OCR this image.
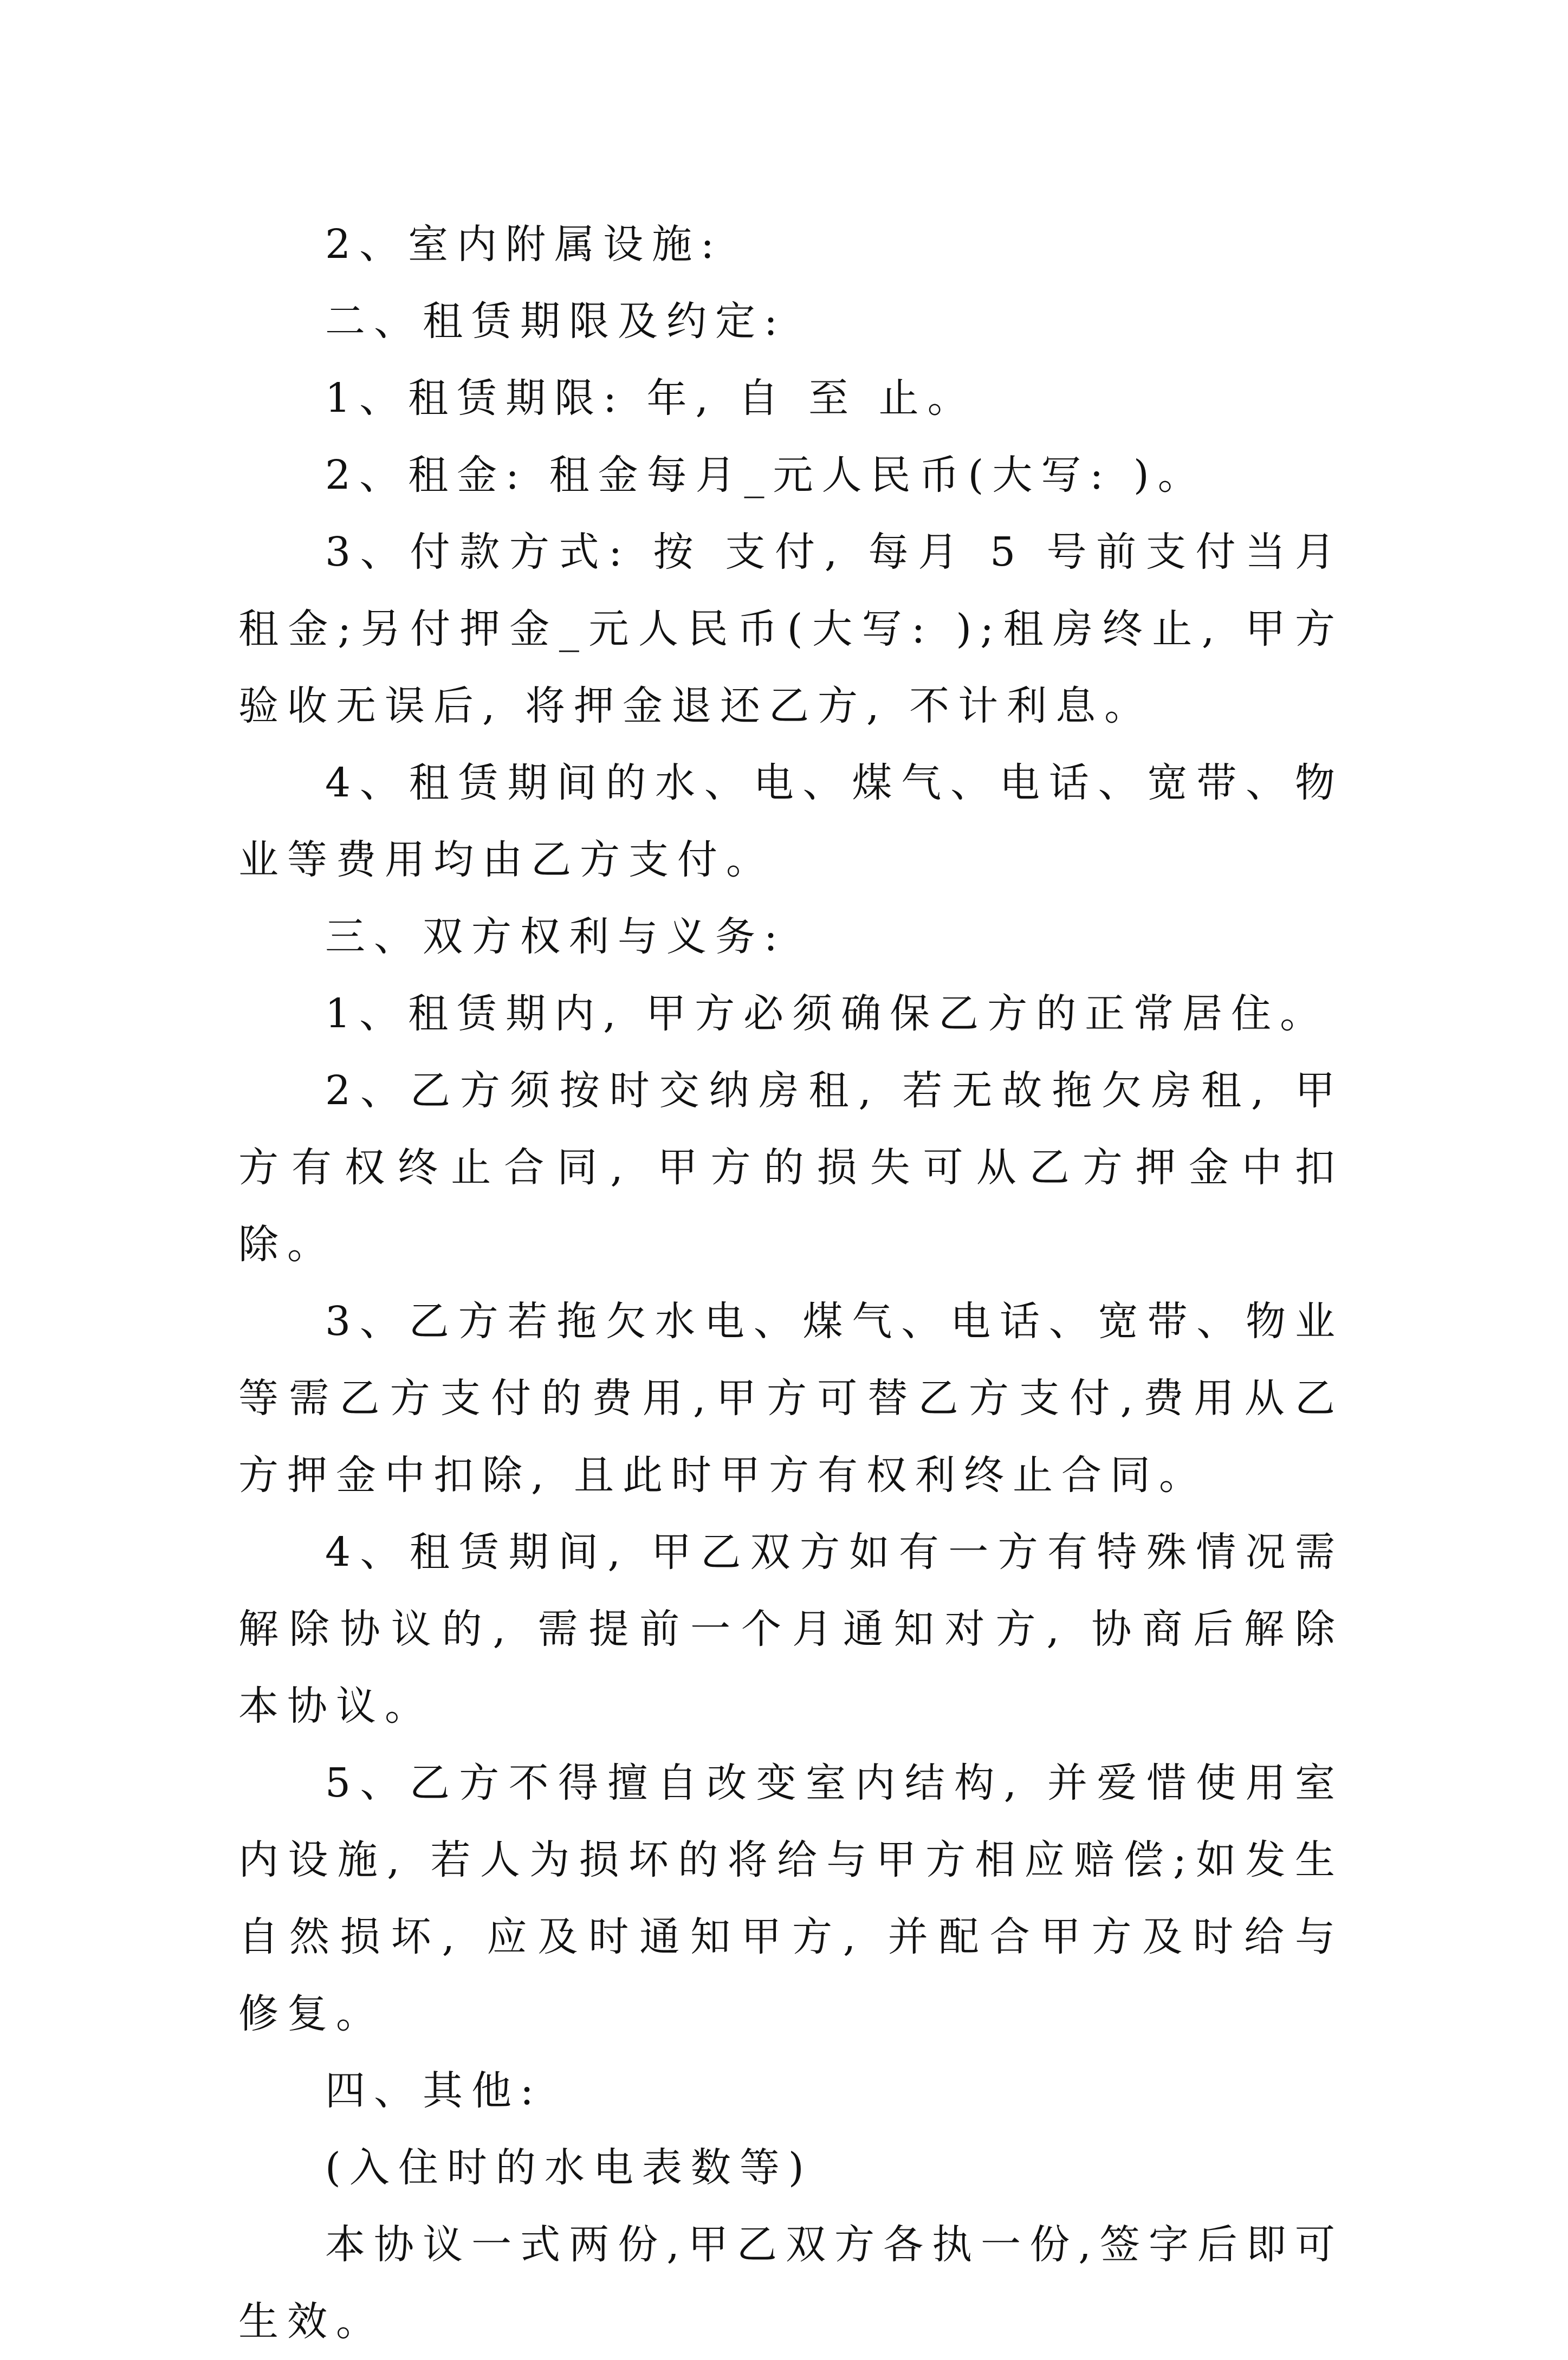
2、室内附属设施:

二、租赁期限及约定:

1、租赁期限: 年, 自 至 止。

2、租金: 租金每月_元人民币(大写: )。

3、付款方式: 按 支付, 每月 5 号前支付当月租金;另付押金_元人民币(大写: );租房终止, 甲方验收无误后, 将押金退还乙方, 不计利息。

4、租赁期间的水、电、煤气、电话、宽带、物业等费用均由乙方支付。

三、双方权利与义务:

1、租赁期内, 甲方必须确保乙方的正常居住。

2、乙方须按时交纳房租, 若无故拖欠房租, 甲方有权终止合同, 甲方的损失可从乙方押金中扣除。

3、乙方若拖欠水电、煤气、电话、宽带、物业等需乙方支付的费用,甲方可替乙方支付,费用从乙方押金中扣除, 且此时甲方有权利终止合同。

4、租赁期间, 甲乙双方如有一方有特殊情况需解除协议的, 需提前一个月通知对方, 协商后解除本协议。

5、乙方不得擅自改变室内结构, 并爱惜使用室内设施, 若人为损坏的将给与甲方相应赔偿;如发生自然损坏, 应及时通知甲方, 并配合甲方及时给与修复。

四、其他:

(入住时的水电表数等)

本协议一式两份,甲乙双方各执一份,签字后即可生效。
